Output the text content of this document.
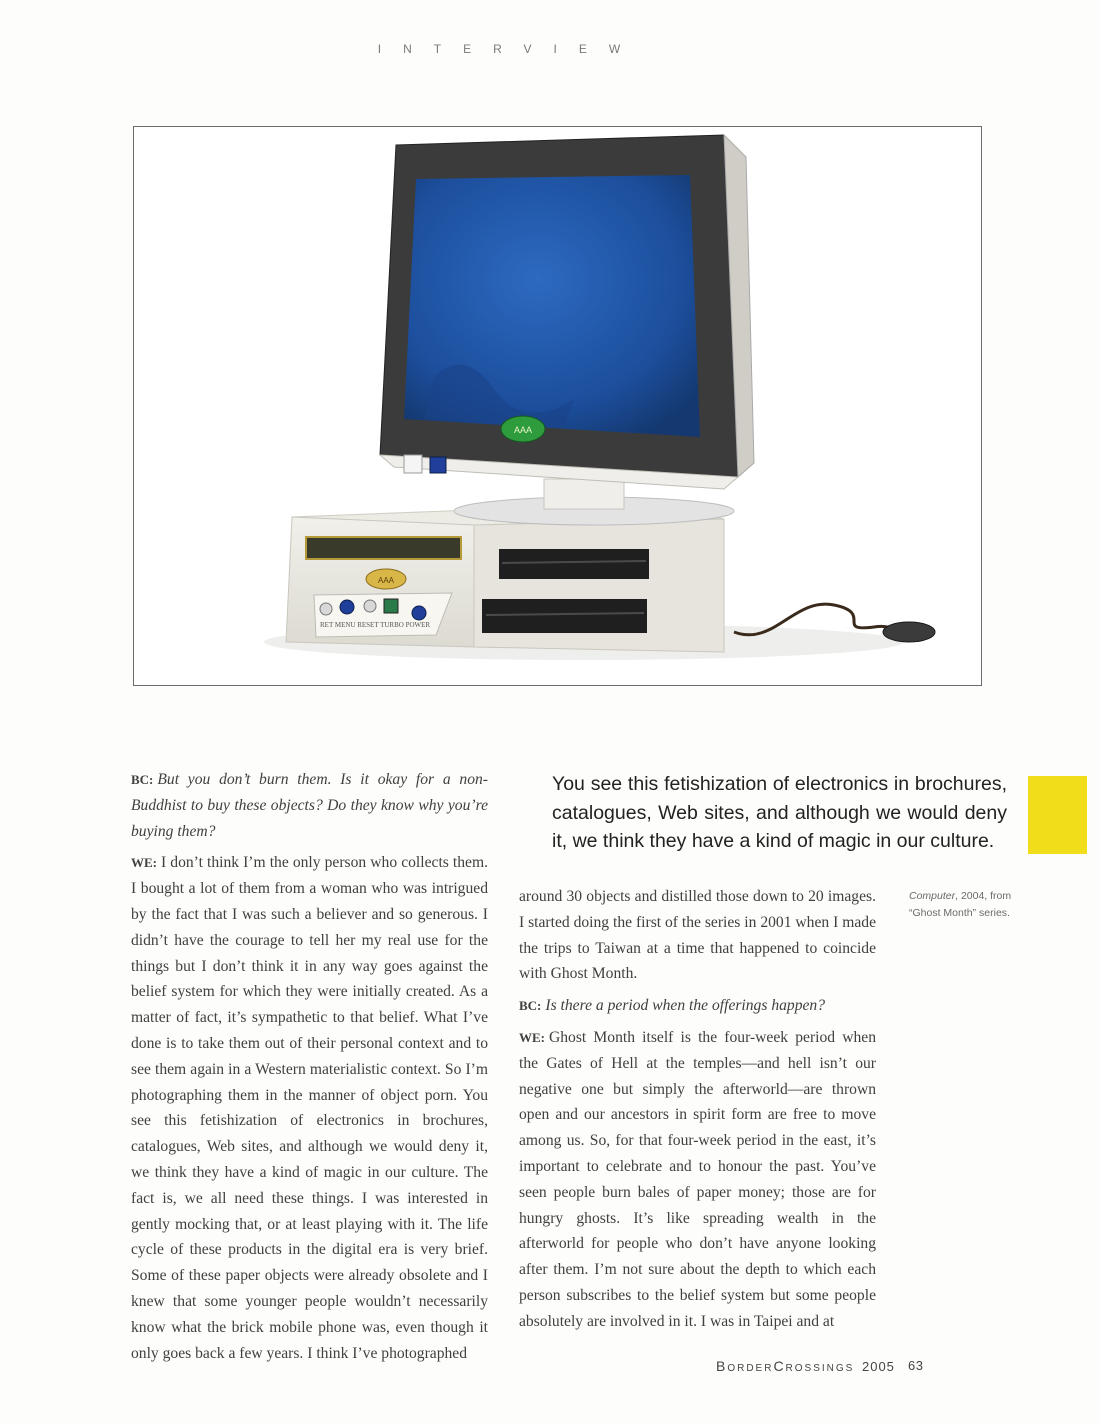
INTERVIEW
AAA
RET MENU RESET TURBO POWER
AAA

BC: But you don’t burn them. Is it okay for a non-Buddhist to buy these objects? Do they know why you’re buying them?

WE: I don’t think I’m the only person who collects them. I bought a lot of them from a woman who was intrigued by the fact that I was such a believer and so generous. I didn’t have the courage to tell her my real use for the things but I don’t think it in any way goes against the belief system for which they were initially created. As a matter of fact, it’s sympathetic to that belief. What I’ve done is to take them out of their personal context and to see them again in a Western materialistic context. So I’m photographing them in the manner of object porn. You see this fetishization of electronics in brochures, catalogues, Web sites, and although we would deny it, we think they have a kind of magic in our culture. The fact is, we all need these things. I was interested in gently mocking that, or at least playing with it. The life cycle of these products in the digital era is very brief. Some of these paper objects were already obsolete and I knew that some younger people wouldn’t necessarily know what the brick mobile phone was, even though it only goes back a few years. I think I’ve photographed

You see this fetishization of electronics in brochures, catalogues, Web sites, and although we would deny it, we think they have a kind of magic in our culture.

around 30 objects and distilled those down to 20 images. I started doing the first of the series in 2001 when I made the trips to Taiwan at a time that happened to coincide with Ghost Month.

BC: Is there a period when the offerings happen?

WE: Ghost Month itself is the four-week period when the Gates of Hell at the temples—and hell isn’t our negative one but simply the afterworld—are thrown open and our ancestors in spirit form are free to move among us. So, for that four-week period in the east, it’s important to celebrate and to honour the past. You’ve seen people burn bales of paper money; those are for hungry ghosts. It’s like spreading wealth in the afterworld for people who don’t have anyone looking after them. I’m not sure about the depth to which each person subscribes to the belief system but some people absolutely are involved in it. I was in Taipei and at

Computer, 2004, from “Ghost Month” series.
BorderCrossings 2005 63
